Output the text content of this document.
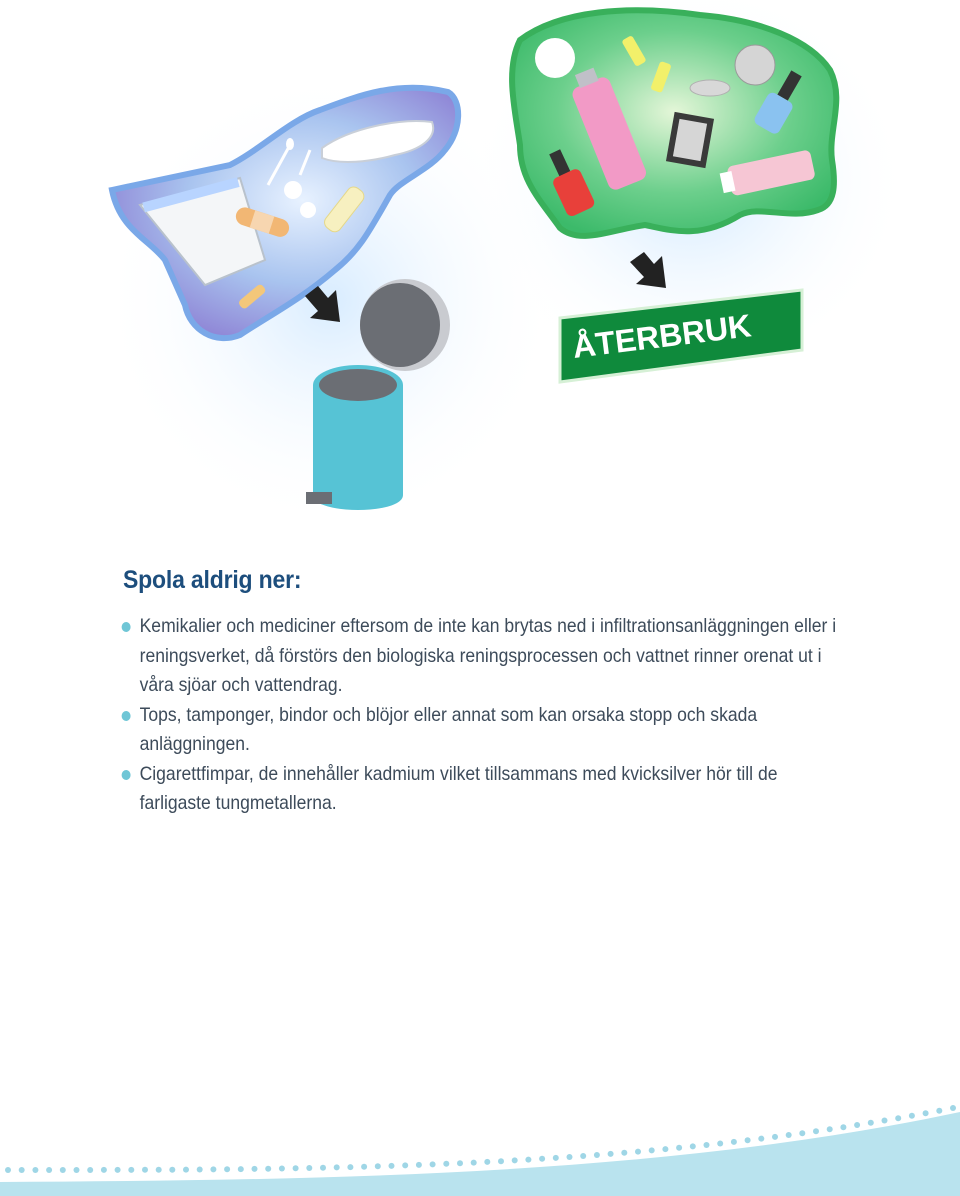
ÅTERBRUK
Spola aldrig ner:
Kemikalier och mediciner eftersom de inte kan brytas ned i infiltrationsanläggningen eller i reningsverket, då förstörs den biologiska reningsprocessen och vattnet rinner orenat ut i våra sjöar och vattendrag.
Tops, tamponger, bindor och blöjor eller annat som kan orsaka stopp och skada anläggningen.
Cigarettfimpar, de innehåller kadmium vilket tillsammans med kvicksilver hör till de farligaste tungmetallerna.
